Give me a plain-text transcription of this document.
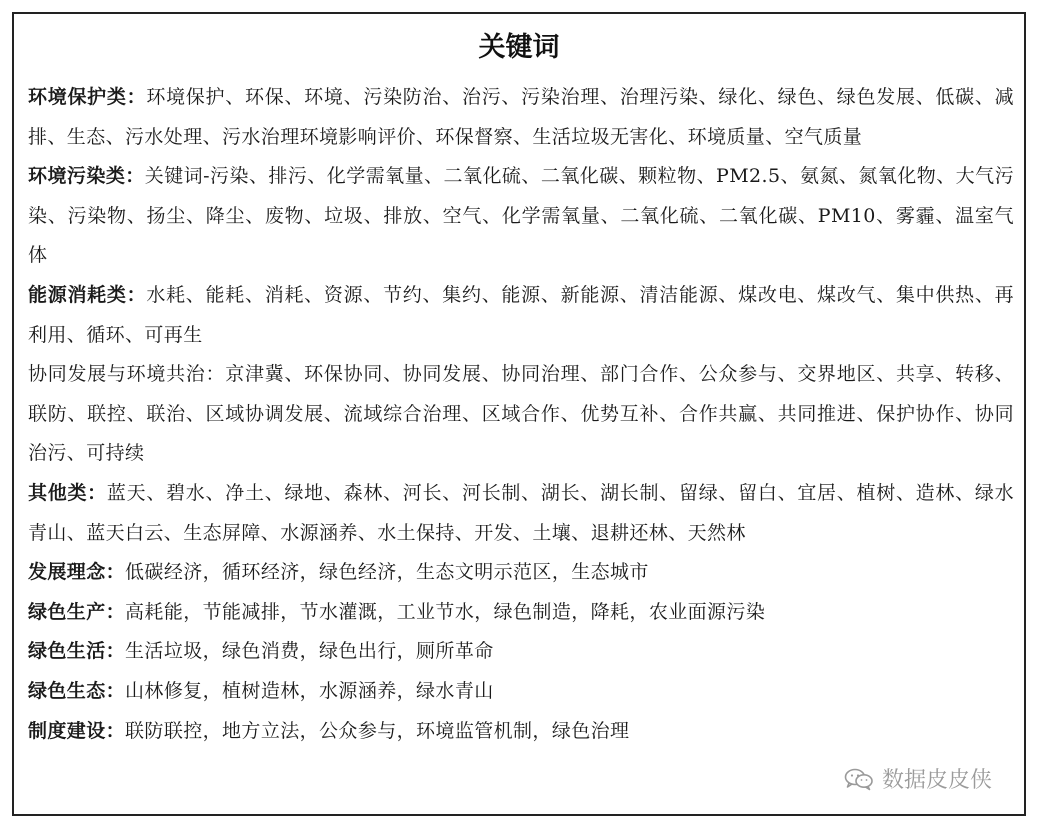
关键词

环境保护类：环境保护、环保、环境、污染防治、治污、污染治理、治理污染、绿化、绿色、绿色发展、低碳、减排、生态、污水处理、污水治理环境影响评价、环保督察、生活垃圾无害化、环境质量、空气质量

环境污染类：关键词-污染、排污、化学需氧量、二氧化硫、二氧化碳、颗粒物、PM2.5、氨氮、氮氧化物、大气污染、污染物、扬尘、降尘、废物、垃圾、排放、空气、化学需氧量、二氧化硫、二氧化碳、PM10、雾霾、温室气体

能源消耗类：水耗、能耗、消耗、资源、节约、集约、能源、新能源、清洁能源、煤改电、煤改气、集中供热、再利用、循环、可再生

协同发展与环境共治：京津冀、环保协同、协同发展、协同治理、部门合作、公众参与、交界地区、共享、转移、联防、联控、联治、区域协调发展、流域综合治理、区域合作、优势互补、合作共赢、共同推进、保护协作、协同治污、可持续

其他类：蓝天、碧水、净土、绿地、森林、河长、河长制、湖长、湖长制、留绿、留白、宜居、植树、造林、绿水青山、蓝天白云、生态屏障、水源涵养、水土保持、开发、土壤、退耕还林、天然林

发展理念：低碳经济，循环经济，绿色经济，生态文明示范区，生态城市

绿色生产：高耗能，节能减排，节水灌溉，工业节水，绿色制造，降耗，农业面源污染

绿色生活：生活垃圾，绿色消费，绿色出行，厕所革命

绿色生态：山林修复，植树造林，水源涵养，绿水青山

制度建设：联防联控，地方立法，公众参与，环境监管机制，绿色治理

数据皮皮侠
